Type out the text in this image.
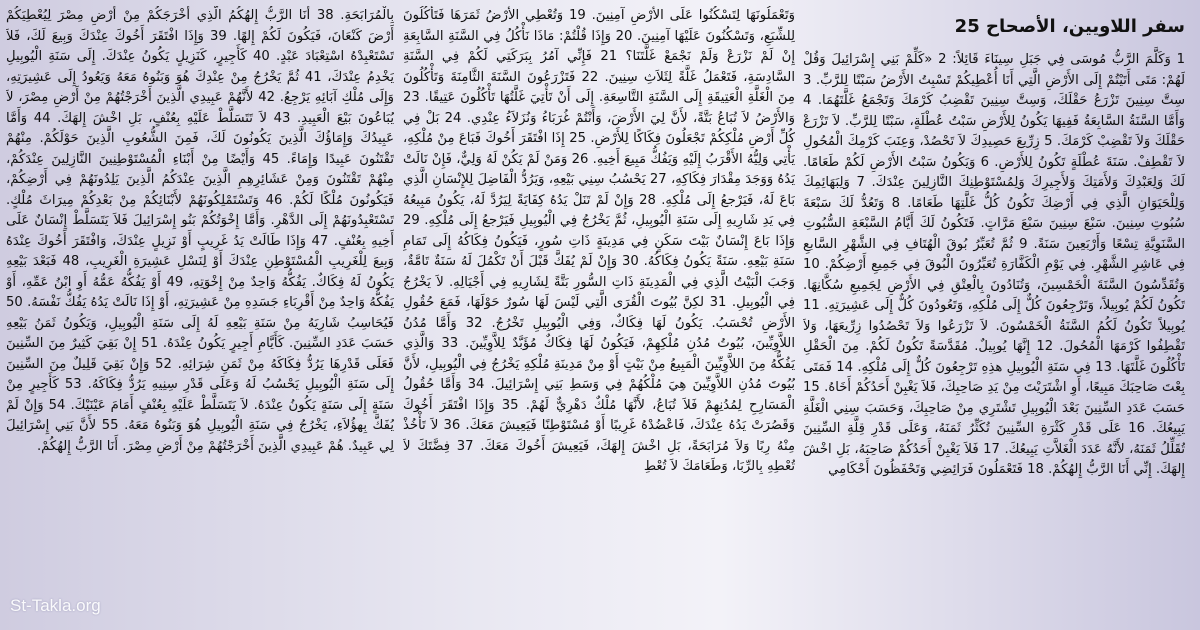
سفر اللاويين، الأصحاح 25

1 وَكَلَّمَ الرَّبُّ مُوسَى فِي جَبَلِ سِينَاءَ قَائِلاً: 2 «كَلِّمْ بَنِي إِسْرَائِيلَ وَقُلْ لَهُمْ: مَتَى أَتَيْتُمْ إِلَى الأَرْضِ الَّتِي أَنَا أُعْطِيكُمْ تَسْبِتُ الأَرْضُ سَبْتًا لِلرَّبِّ. 3 سِتَّ سِنِينَ تَزْرَعُ حَقْلَكَ، وَسِتَّ سِنِينَ تَقْضِبُ كَرْمَكَ وَتَجْمَعُ غَلَّتَهُمَا. 4 وَأَمَّا السَّنَةُ السَّابِعَةُ فَفِيهَا يَكُونُ لِلأَرْضِ سَبْتُ عُطْلَةٍ، سَبْتًا لِلرَّبِّ. لاَ تَزْرَعْ حَقْلَكَ وَلاَ تَقْضِبْ كَرْمَكَ. 5 زِرِّيعَ حَصِيدِكَ لاَ تَحْصُدْ، وَعِنَبَ كَرْمِكَ الْمُحُولِ لاَ تَقْطِفْ. سَنَةَ عُطْلَةٍ تَكُونُ لِلأَرْضِ. 6 وَيَكُونُ سَبْتُ الأَرْضِ لَكُمْ طَعَامًا. لَكَ وَلِعَبْدِكَ وَلأَمَتِكَ وَلأَجِيرِكَ وَلِمُسْتَوْطِنِكَ النَّازِلِينَ عِنْدَكَ. 7 وَلِبَهَائِمِكَ وَلِلْحَيَوَانِ الَّذِي فِي أَرْضِكَ تَكُونُ كُلُّ غَلَّتِهَا طَعَامًا. 8 وَتَعُدُّ لَكَ سَبْعَةَ سُبُوتِ سِنِينَ. سَبْعَ سِنِينَ سَبْعَ مَرَّاتٍ. فَتَكُونُ لَكَ أَيَّامُ السَّبْعَةِ السُّبُوتِ السَّنَوِيَّةِ تِسْعًا وَأَرْبَعِينَ سَنَةً. 9 ثُمَّ تُعَبِّرُ بُوقَ الْهُتَافِ فِي الشَّهْرِ السَّابعِ فِي عَاشِرِ الشَّهْرِ. فِي يَوْمِ الْكَفَّارَةِ تُعَبِّرُونَ الْبُوقَ فِي جَمِيعِ أَرْضِكُمْ. 10 وَتُقَدِّسُونَ السَّنَةَ الْخَمْسِينَ، وَتُنَادُونَ بِالْعِتْقِ فِي الأَرْضِ لِجَمِيعِ سُكَّانِهَا. تَكُونُ لَكُمْ يُوبِيلاً، وَتَرْجِعُونَ كُلٌّ إِلَى مُلْكِهِ، وَتَعُودُونَ كُلٌّ إِلَى عَشِيرَتِهِ. 11 يُوبِيلاً تَكُونُ لَكُمُ السَّنَةُ الْخَمْسُونَ. لاَ تَزْرَعُوا وَلاَ تَحْصُدُوا زِرِّيعَهَا، وَلاَ تَقْطِفُوا كَرْمَهَا الْمُحُولَ. 12 إِنَّهَا يُوبِيلٌ. مُقَدَّسَةً تَكُونُ لَكُمْ. مِنَ الْحَقْلِ تَأْكُلُونَ غَلَّتَهَا. 13 فِي سَنَةِ الْيُوبِيلِ هذِهِ تَرْجِعُونَ كُلٌّ إِلَى مُلْكِهِ. 14 فَمَتَى بِعْتَ صَاحِبَكَ مَبِيعًا، أَوِ اشْتَرَيْتَ مِنْ يَدِ صَاحِبِكَ، فَلاَ يَغْبِنْ أَحَدُكُمْ أَخَاهُ. 15 حَسَبَ عَدَدِ السِّنِينَ بَعْدَ الْيُوبِيلِ تَشْتَرِي مِنْ صَاحِبِكَ، وَحَسَبَ سِنِي الْغَلَّةِ يَبِيعُكَ. 16 عَلَى قَدْرِ كَثْرَةِ السِّنِينَ تُكَثِّرُ ثَمَنَهُ، وَعَلَى قَدْرِ قِلَّةِ السِّنِينَ تُقَلِّلُ ثَمَنَهُ، لأَنَّهُ عَدَدَ الْغَلاَّتِ يَبِيعُكَ. 17 فَلاَ يَغْبِنْ أَحَدُكُمْ صَاحِبَهُ، بَلِ اخْشَ إِلهَكَ. إِنِّي أَنَا الرَّبُّ إِلهُكُمْ. 18 فَتَعْمَلُونَ فَرَائِضِي وَتَحْفَظُونَ أَحْكَامِي

وَتَعْمَلُونَهَا لِتَسْكُنُوا عَلَى الأَرْضِ آمِنِينَ. 19 وَتُعْطِي الأَرْضُ ثَمَرَهَا فَتَأْكُلُونَ لِلشِّبَعِ، وَتَسْكُنُونَ عَلَيْهَا آمِنِينَ. 20 وَإِذَا قُلْتُمْ: مَاذَا نَأْكُلُ فِي السَّنَةِ السَّابِعَةِ إِنْ لَمْ نَزْرَعْ وَلَمْ نَجْمَعْ غَلَّتَنَا؟ 21 فَإِنِّي آمُرُ بِبَرَكَتِي لَكُمْ فِي السَّنَةِ السَّادِسَةِ، فَتَعْمَلُ غَلَّةً لِثَلاَثِ سِنِينَ. 22 فَتَزْرَعُونَ السَّنَةَ الثَّامِنَةَ وَتَأْكُلُونَ مِنَ الْغَلَّةِ الْعَتِيقَةِ إِلَى السَّنَةِ التَّاسِعَةِ. إِلَى أَنْ تَأْتِيَ غَلَّتُهَا تَأْكُلُونَ عَتِيقًا. 23 وَالأَرْضُ لاَ تُبَاعُ بَتَّةً، لأَنَّ لِيَ الأَرْضَ، وَأَنْتُمْ غُرَبَاءُ وَنُزَلاَءُ عِنْدِي. 24 بَلْ فِي كُلِّ أَرْضِ مُلْكِكُمْ تَجْعَلُونَ فِكَاكًا لِلأَرْضِ. 25 إِذَا افْتَقَرَ أَخُوكَ فَبَاعَ مِنْ مُلْكِهِ، يَأْتِي وَلِيُّهُ الأَقْرَبُ إِلَيْهِ وَيَفُكُّ مَبِيعَ أَخِيهِ. 26 وَمَنْ لَمْ يَكُنْ لَهُ وَلِيٌّ، فَإِنْ نَالَتْ يَدُهُ وَوَجَدَ مِقْدَارَ فِكَاكِهِ، 27 يَحْسُبُ سِنِي بَيْعِهِ، وَيَرُدُّ الْفَاضِلَ لِلإِنْسَانِ الَّذِي بَاعَ لَهُ، فَيَرْجعُ إِلَى مُلْكِهِ. 28 وَإِنْ لَمْ تَنَلْ يَدُهُ كِفَايَةً لِيَرُدَّ لَهُ، يَكُونُ مَبِيعُهُ فِي يَدِ شَارِيهِ إِلَى سَنَةِ الْيُوبِيلِ، ثُمَّ يَخْرُجُ فِي الْيُوبِيلِ فَيَرْجعُ إِلَى مُلْكِهِ. 29 وَإِذَا بَاعَ إِنْسَانٌ بَيْتَ سَكَنٍ فِي مَدِينَةٍ ذَاتِ سُورٍ، فَيَكُونُ فِكَاكُهُ إِلَى تَمَامِ سَنَةِ بَيْعِهِ. سَنَةً يَكُونُ فِكَاكُهُ. 30 وَإِنْ لَمْ يُفَكَّ قَبْلَ أَنْ تَكْمُلَ لَهُ سَنَةٌ تَامَّةٌ، وَجَبَ الْبَيْتُ الَّذِي فِي الْمَدِينَةِ ذَاتِ السُّورِ بَتَّةً لِشَارِيهِ فِي أَجْيَالِهِ. لاَ يَخْرُجُ فِي الْيُوبِيلِ. 31 لكِنَّ بُيُوتَ الْقُرَى الَّتِي لَيْسَ لَهَا سُورٌ حَوْلَهَا، فَمَعَ حُقُولِ الأَرْضِ تُحْسَبُ. يَكُونُ لَهَا فِكَاكٌ، وَفِي الْيُوبِيلِ تَخْرُجُ. 32 وَأَمَّا مُدُنُ اللاَّوِيِّينَ، بُيُوتُ مُدُنِ مُلْكِهِمْ، فَيَكُونُ لَهَا فِكَاكٌ مُؤَبَّدٌ لِلاَّوِيِّينَ. 33 وَالَّذِي يَفُكُّهُ مِنَ اللاَّوِيِّينَ الْمَبِيعُ مِنْ بَيْتٍ أَوْ مِنْ مَدِينَةِ مُلْكِهِ يَخْرُجُ فِي الْيُوبِيلِ، لأَنَّ بُيُوتَ مُدُنِ اللاَّوِيِّينَ هِيَ مُلْكُهُمْ فِي وَسَطِ بَنِي إِسْرَائِيلَ. 34 وَأَمَّا حُقُولُ الْمَسَارِحِ لِمُدُنِهِمْ فَلاَ تُبَاعُ، لأَنَّهَا مُلْكٌ دَهْرِيٌّ لَهُمْ. 35 وَإِذَا افْتَقَرَ أَخُوكَ وَقَصُرَتْ يَدُهُ عِنْدَكَ، فَاعْضُدْهُ غَرِيبًا أَوْ مُسْتَوْطِنًا فَيَعِيشَ مَعَكَ. 36 لاَ تَأْخُذْ مِنْهُ رِبًا وَلاَ مُرَابَحَةً، بَلِ اخْشَ إِلهَكَ، فَيَعِيشَ أَخُوكَ مَعَكَ. 37 فِضَّتَكَ لاَ تُعْطِهِ بِالرِّبَا، وَطَعَامَكَ لاَ تُعْطِ

بِالْمُرَابَحَةِ. 38 أَنَا الرَّبُّ إِلهُكُمُ الَّذِي أَخْرَجَكُمْ مِنْ أَرْضِ مِصْرَ لِيُعْطِيَكُمْ أَرْضَ كَنْعَانَ، فَيَكُونَ لَكُمْ إِلهًا. 39 وَإِذَا افْتَقَرَ أَخُوكَ عِنْدَكَ وَبِيعَ لَكَ، فَلاَ تَسْتَعْبِدْهُ اسْتِعْبَادَ عَبْدٍ. 40 كَأَجِيرٍ، كَنَزِيلٍ يَكُونُ عِنْدَكَ. إِلَى سَنَةِ الْيُوبِيلِ يَخْدِمُ عِنْدَكَ، 41 ثُمَّ يَخْرُجُ مِنْ عِنْدِكَ هُوَ وَبَنُوهُ مَعَهُ وَيَعُودُ إِلَى عَشِيرَتِهِ، وَإِلَى مُلْكِ آبَائِهِ يَرْجِعُ. 42 لأَنَّهُمْ عَبِيدِي الَّذِينَ أَخْرَجْتُهُمْ مِنْ أَرْضِ مِصْرَ، لاَ يُبَاعُونَ بَيْعَ الْعَبِيدِ. 43 لاَ تَتَسَلَّطْ عَلَيْهِ بِعُنْفٍ، بَلِ اخْشَ إِلهَكَ. 44 وَأَمَّا عَبِيدُكَ وَإِمَاؤُكَ الَّذِينَ يَكُونُونَ لَكَ، فَمِنَ الشُّعُوبِ الَّذِينَ حَوْلَكُمْ. مِنْهُمْ تَقْتَنُونَ عَبِيدًا وَإِمَاءً. 45 وَأَيْضًا مِنْ أَبْنَاءِ الْمُسْتَوْطِنِينَ النَّازِلِينَ عِنْدَكُمْ، مِنْهُمْ تَقْتَنُونَ وَمِنْ عَشَائِرِهِمِ الَّذِينَ عِنْدَكُمُ الَّذِينَ يَلِدُونَهُمْ فِي أَرْضِكُمْ، فَيَكُونُونَ مُلْكًا لَكُمْ. 46 وَتَسْتَمْلِكُونَهُمْ لأَبْنَائِكُمْ مِنْ بَعْدِكُمْ مِيرَاثَ مُلْكٍ. تَسْتَعْبِدُونَهُمْ إِلَى الدَّهْرِ. وَأَمَّا إِخْوَتُكُمْ بَنُو إِسْرَائِيلَ فَلاَ يَتَسَلَّطْ إِنْسَانٌ عَلَى أَخِيهِ بِعُنْفٍ. 47 وَإِذَا طَالَتْ يَدُ غَرِيبٍ أَوْ نَزِيلٍ عِنْدَكَ، وَافْتَقَرَ أَخُوكَ عِنْدَهُ وَبِيعَ لِلْغَرِيبِ الْمُسْتَوْطِنِ عِنْدَكَ أَوْ لِنَسْلِ عَشِيرَةِ الْغَرِيبِ، 48 فَبَعْدَ بَيْعِهِ يَكُونُ لَهُ فِكَاكٌ. يَفُكُّهُ وَاحِدٌ مِنْ إِخْوَتِهِ، 49 أَوْ يَفُكُّهُ عَمُّهُ أَوِ ابْنُ عَمِّهِ، أَوْ يَفُكُّهُ وَاحِدٌ مِنْ أَقْرِبَاءِ جَسَدِهِ مِنْ عَشِيرَتِهِ، أَوْ إِذَا نَالَتْ يَدُهُ يَفُكُّ نَفْسَهُ. 50 فَيُحَاسِبُ شَارِيَهُ مِنْ سَنَةِ بَيْعِهِ لَهُ إِلَى سَنَةِ الْيُوبِيلِ، وَيَكُونُ ثَمَنُ بَيْعِهِ حَسَبَ عَدَدِ السِّنِينَ. كَأَيَّامِ أَجِيرٍ يَكُونُ عِنْدَهُ. 51 إِنْ بَقِيَ كَثِيرٌ مِنَ السِّنِينَ فَعَلَى قَدْرِهَا يَرُدُّ فِكَاكَهُ مِنْ ثَمَنِ شِرَائِهِ. 52 وَإِنْ بَقِيَ قَلِيلٌ مِنَ السِّنِينَ إِلَى سَنَةِ الْيُوبِيلِ يَحْسُبُ لَهُ وَعَلَى قَدْرِ سِنِيهِ يَرُدُّ فِكَاكَهُ. 53 كَأَجِيرٍ مِنْ سَنَةٍ إِلَى سَنَةٍ يَكُونُ عِنْدَهُ. لاَ يَتَسَلَّطْ عَلَيْهِ بِعُنْفٍ أَمَامَ عَيْنَيْكَ. 54 وَإِنْ لَمْ يُفَكَّ بِهؤُلاَءِ، يَخْرُجُ فِي سَنَةِ الْيُوبِيلِ هُوَ وَبَنُوهُ مَعَهُ. 55 لأَنَّ بَنِي إِسْرَائِيلَ لِي عَبِيدٌ. هُمْ عَبِيدِي الَّذِينَ أَخْرَجْتُهُمْ مِنْ أَرْضِ مِصْرَ. أَنَا الرَّبُّ إِلهُكُمْ.

St-Takla.org
